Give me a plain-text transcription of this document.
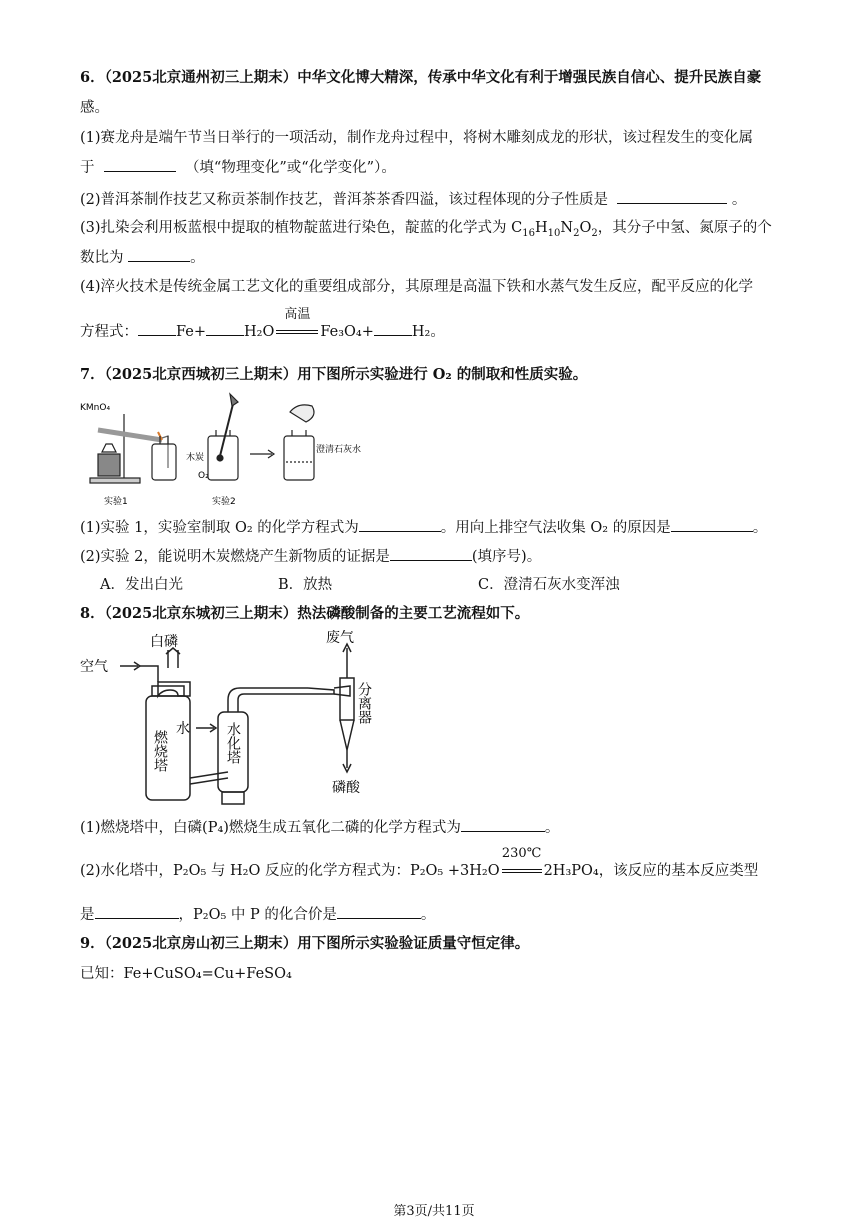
6．（2025北京通州初三上期末）中华文化博大精深，传承中华文化有利于增强民族自信心、提升民族自豪
感。
(1)赛龙舟是端午节当日举行的一项活动，制作龙舟过程中，将树木雕刻成龙的形状，该过程发生的变化属
于	（填“物理变化”或“化学变化”）。
(2)普洱茶制作技艺又称贡茶制作技艺，普洱茶茶香四溢，该过程体现的分子性质是	。
(3)扎染会利用板蓝根中提取的植物靛蓝进行染色，靛蓝的化学式为 $C_{16}H_{10}N_2O_2$，其分子中氢、氮原子的个
数比为	。
(4)淬火技术是传统金属工艺文化的重要组成部分，其原理是高温下铁和水蒸气发生反应，配平反应的化学
方程式：	Fe+	H₂O
高温
Fe₃O₄+	H₂。
7．（2025北京西城初三上期末）用下图所示实验进行 O₂ 的制取和性质实验。
KMnO₄
木炭
O₂
澄清石灰水
实验1	实验2
(1)实验 1，实验室制取 O₂ 的化学方程式为	。用向上排空气法收集 O₂ 的原因是	。
(2)实验 2，能说明木炭燃烧产生新物质的证据是	(填序号)。
A．发出白光	B．放热	C．澄清石灰水变浑浊
8．（2025北京东城初三上期末）热法磷酸制备的主要工艺流程如下。
白磷
空气
废气
水
燃烧塔	水化塔
分离器
磷酸
(1)燃烧塔中，白磷(P₄)燃烧生成五氧化二磷的化学方程式为	。
(2)水化塔中，P₂O₅ 与 H₂O 反应的化学方程式为：P₂O₅ +3H₂O
230℃
2H₃PO₄，该反应的基本反应类型
是	，P₂O₅ 中 P 的化合价是	。
9．（2025北京房山初三上期末）用下图所示实验验证质量守恒定律。
已知：Fe+CuSO₄=Cu+FeSO₄
第3页/共11页
